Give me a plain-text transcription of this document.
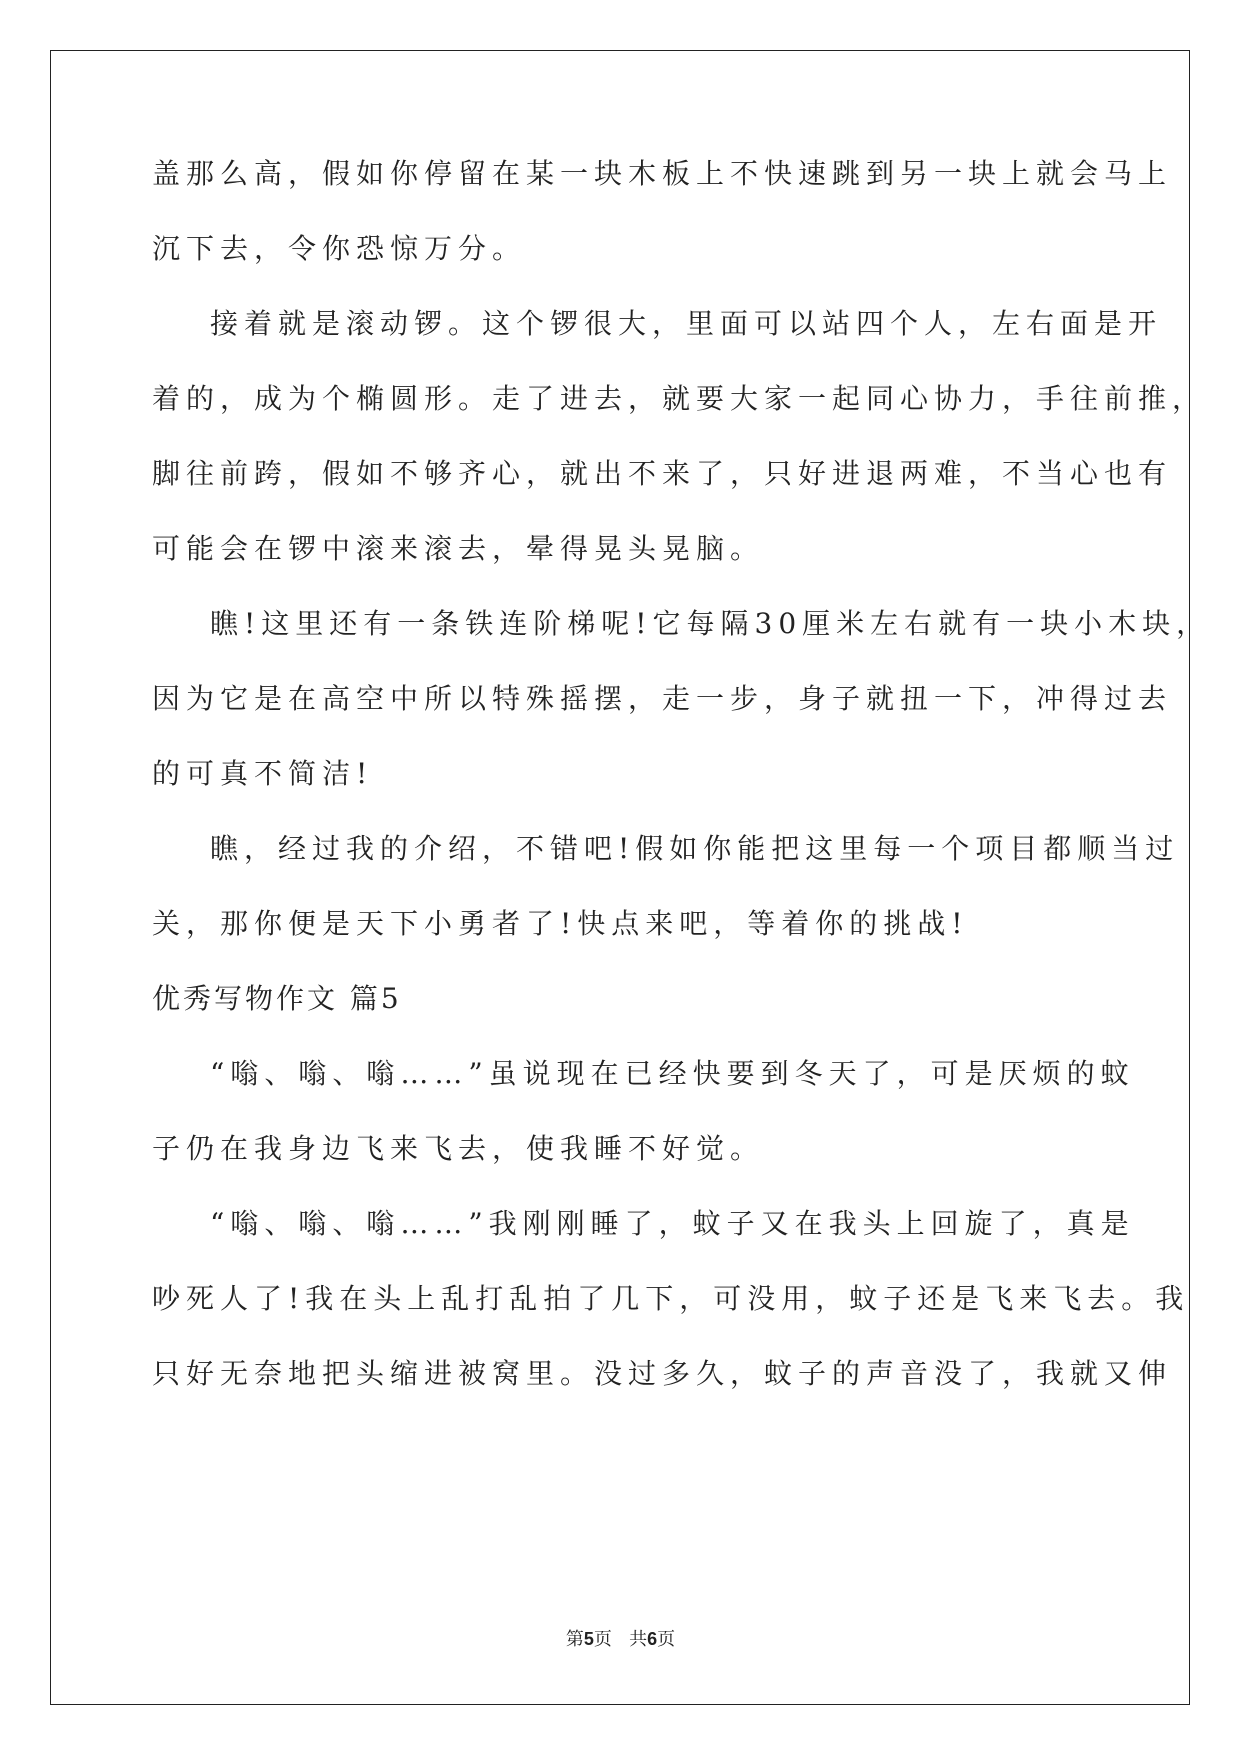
盖那么高，假如你停留在某一块木板上不快速跳到另一块上就会马上
沉下去，令你恐惊万分。
接着就是滚动锣。这个锣很大，里面可以站四个人，左右面是开
着的，成为个椭圆形。走了进去，就要大家一起同心协力，手往前推，
脚往前跨，假如不够齐心，就出不来了，只好进退两难，不当心也有
可能会在锣中滚来滚去，晕得晃头晃脑。
瞧!这里还有一条铁连阶梯呢!它每隔30厘米左右就有一块小木块，
因为它是在高空中所以特殊摇摆，走一步，身子就扭一下，冲得过去
的可真不简洁!
瞧，经过我的介绍，不错吧!假如你能把这里每一个项目都顺当过
关，那你便是天下小勇者了!快点来吧，等着你的挑战!
优秀写物作文 篇5
“嗡、嗡、嗡……”虽说现在已经快要到冬天了，可是厌烦的蚊
子仍在我身边飞来飞去，使我睡不好觉。
“嗡、嗡、嗡……”我刚刚睡了，蚊子又在我头上回旋了，真是
吵死人了!我在头上乱打乱拍了几下，可没用，蚊子还是飞来飞去。我
只好无奈地把头缩进被窝里。没过多久，蚊子的声音没了，我就又伸
第5页 共6页
